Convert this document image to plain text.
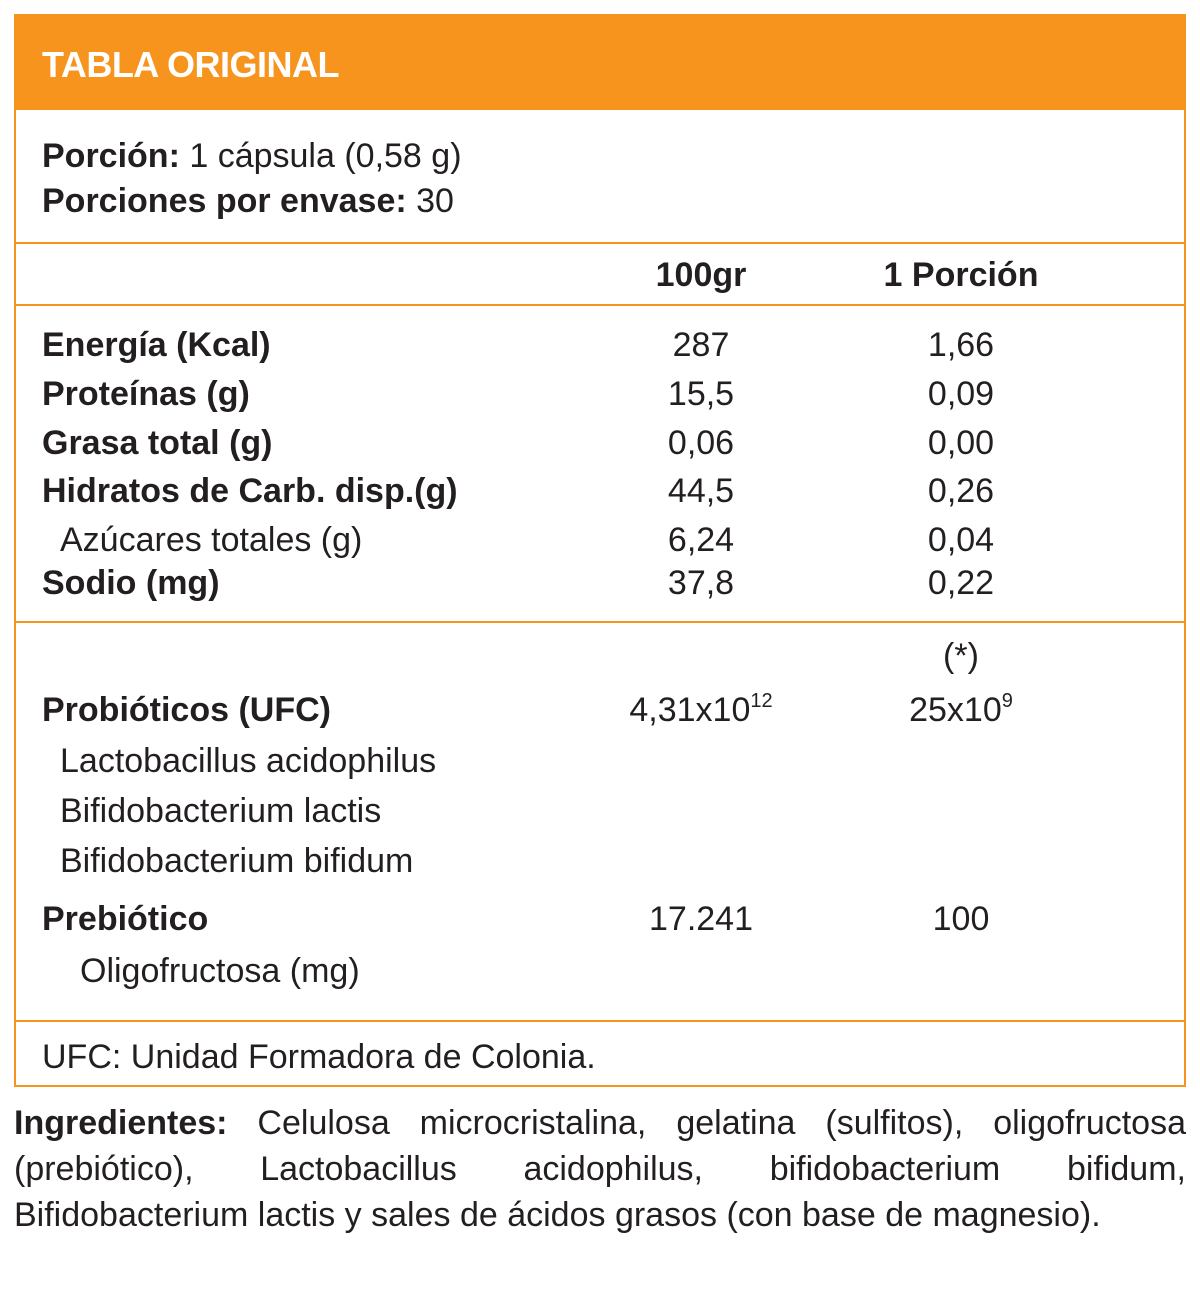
TABLA ORIGINAL
Porción: 1 cápsula (0,58 g)
Porciones por envase: 30
100gr	1 Porción
Energía (Kcal)	287	1,66
Proteínas (g)	15,5	0,09
Grasa total (g)	0,06	0,00
Hidratos de Carb. disp.(g)	44,5	0,26
Azúcares totales (g)	6,24	0,04
Sodio (mg)	37,8	0,22
(*)
Probióticos (UFC)	$4,31x10^{12}$	$25x10^9$
Lactobacillus acidophilus
Bifidobacterium lactis
Bifidobacterium bifidum
Prebiótico	17.241	100
Oligofructosa (mg)
UFC: Unidad Formadora de Colonia.
Ingredientes: Celulosa microcristalina, gelatina (sulfitos), oligofructosa (prebiótico), Lactobacillus acidophilus, bifidobacterium bifidum, Bifidobacterium lactis y sales de ácidos grasos (con base de magnesio).
